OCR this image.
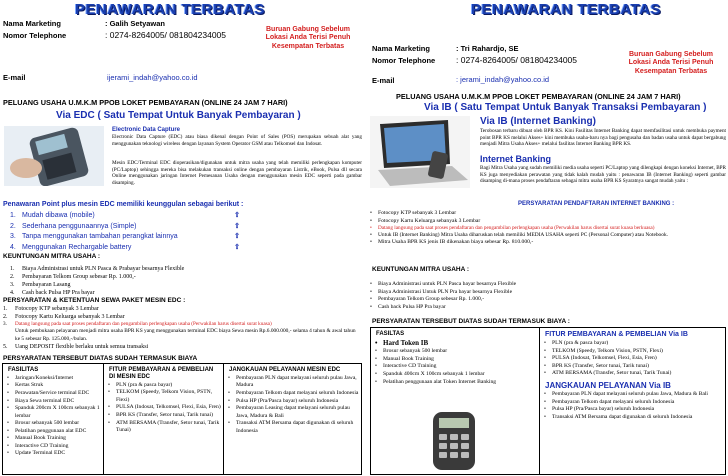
PENAWARAN TERBATAS
Nama Marketing	: Galih Setyawan
Nomor Telephone	: 0274-8264005/ 081804234005
E-mail	ijerami_indah@yahoo.co.id
Buruan Gabung Sebelum
Lokasi Anda Terisi Penuh
Kesempatan Terbatas
PELUANG USAHA U.M.K.M PPOB LOKET PEMBAYARAN (ONLINE 24 JAM 7 HARI)
Via EDC ( Satu Tempat Untuk Banyak Pembayaran )
Electronic Data Capture
Electronic Data Capture (EDC) atau biasa dikenal dengan Point of Sales (POS) merupakan sebuah alat yang menggunakan teknologi wireless dengan layanan System Operator GSM atau Telkomsel dan Indosat.
Mesin EDC/Terminal EDC dioperasikan/digunakan untuk mitra usaha yang telah memiliki perlengkapan komputer (PC/Laptop) sehingga mereka bisa melakukan transaksi online dengan pembayaran Listrik, eBook, Pulsa dll secara Online menggunakan jaringan Internet Pemesanan Usaha dengan menggunakan mesin EDC seperti pada gambar disamping.
Penawaran Point plus mesin EDC memiliki keunggulan sebagai berikut :
1. Mudah dibawa (mobile)	⇧
2. Sederhana penggunaannya (Simple)	⇧
3. Tanpa menggunakan tambahan perangkat lainnya	⇧
4. Menggunakan Rechargable battery	⇧
KEUNTUNGAN MITRA USAHA :
1. Biaya Administrasi untuk PLN Pasca & Prabayar besarnya Flexible
2. Pembayaran Telkom Group sebesar Rp. 1.000,-
3. Pembayaran Lasang
4. Cash back Pulsa HP Pra bayar
PERSYARATAN & KETENTUAN SEWA PAKET MESIN EDC :
1. Fotocopy KTP sebanyak 3 Lembar
2. Fotocopy Kartu Keluarga sebanyak 3 Lembar
3. Datang langsung pada saat proses pendaftaran dan pengambilan perlengkapan usaha (Perwakilan harus disertai surat kuasa)
Untuk pembukaan pelayanan menjadi mitra usaha BPR KS yang menggunakan terminal EDC biaya Sewa mesin Rp.6.000.000,- selama 4 tahun & awal tahun ke 5 sebesar Rp. 125.000,-/bulan.
5. Uang DEPOSIT flexible berlaku untuk semua transaksi
PERSYARATAN TERSEBUT DIATAS SUDAH TERMASUK BIAYA
FASILITAS
• Jaringan/Koneksi/Internet
• Kertas Struk
• Perawatan/Service terminal EDC
• Biaya Sewa terminal EDC
• Spanduk 200cm X 100cm sebanyak 1 lembar
• Brosur sebanyak 500 lembar
• Pelatihan penggunaan alat EDC
• Manual Book Training
• Interactive CD Training
• Update Terminal EDC
FITUR PEMBAYARAN & PEMBELIAN DI MESIN EDC
• PLN (pra & pasca bayar)
• TELKOM (Speedy, Telkom Vision, PSTN, Flexi)
• PULSA (Indosat, Telkomsel, Flexi, Esia, Fren)
• BPR KS (Transfer, Setor tunai, Tarik tunai)
• ATM BERSAMA (Transfer, Setor tunai, Tarik Tunai)
JANGKAUAN PELAYANAN MESIN EDC
• Pembayaran PLN dapat melayani seluruh pulau Jawa, Madura
• Pembayaran Telkom dapat melayani seluruh Indonesia
• Pulsa HP (Pra/Pasca bayar) seluruh Indonesia
• Pembayaran Leasing dapat melayani seluruh pulau Jawa, Madura & Bali
• Transaksi ATM Bersama dapat digunakan di seluruh Indonesia
PENAWARAN TERBATAS
Nama Marketing	: Tri Rahardjo, SE
Nomor Telephone : 0274-8264005/ 081804234005
E-mail	: jerami_indah@yahoo.co.id
Buruan Gabung Sebelum
Lokasi Anda Terisi Penuh
Kesempatan Terbatas
PELUANG USAHA U.M.K.M PPOB LOKET PEMBAYARAN (ONLINE 24 JAM 7 HARI)
Via IB ( Satu Tempat Untuk Banyak Transaksi Pembayaran )
Via IB (Internet Banking)
Terobosan terbaru dibuat oleh BPR KS. Kini Fasilitas Internet Banking dapat memfasilitasi untuk membuka payment point BPR KS melalui Akses+ kini membuka usaha-baru nya bagi pengusaha dan badan usaha untuk dapat bergabung menjadi Mitra Usaha Akses+ melalui fasilitas Internet Banking BPR KS.
Internet Banking
Bagi Mitra Usaha yang sudah memiliki media usaha seperti PC/Laptop yang dilengkapi dengan koneksi Internet, BPR KS juga menyediakan perawatan yang tidak kalah mudah yaitu : penawaran IB (Internet Banking) seperti gambar disamping di-mana proses pendaftaran sebagai mitra usaha BPR KS Syaratnya sangat mudah yaitu :
PERSYARATAN PENDAFTARAN INTERNET BANKING :
• Fotocopy KTP sebanyak 3 Lembar
• Fotocopy Kartu Keluarga sebanyak 3 Lembar
• Datang langsung pada saat proses pendaftaran dan pengambilan perlengkapan usaha (Perwakilan harus disertai surat kuasa berkuasa)
• Untuk IB (Internet Banking) Mitra Usaha diharuskan telah memiliki MEDIA USAHA seperti PC (Personal Computer) atau Notebook.
• Mitra Usaha BPR KS jenis IB dikenakan biaya sebesar Rp. 810.000,-
KEUNTUNGAN MITRA USAHA :
• Biaya Administrasi untuk PLN Pasca bayar besarnya Flexible
• Biaya Administrasi Untuk PLN Pra bayar besarnya Flexible
• Pembayaran Telkom Group sebesar Rp. 1.000,-
• Cash back Pulsa HP Pra bayar
PERSYARATAN TERSEBUT DIATAS SUDAH TERMASUK BIAYA :
FASILTAS
• Hard Token IB
• Brosur sebanyak 500 lembar
• Manual Book Training
• Interactive CD Training
• Spanduk 400cm X 100cm sebanyak 1 lembar
• Pelatihan penggunaan alat Token Internet Banking
FITUR PEMBAYARAN & PEMBELIAN Via IB
• PLN (pra & pasca bayar)
• TELKOM (Speedy, Telkom Vision, PSTN, Flexi)
• PULSA (Indosat, Telkomsel, Flexi, Esia, Fren)
• BPR KS (Transfer, Setor tunai, Tarik tunai)
• ATM BERSAMA (Transfer, Setor tunai, Tarik Tunai)
JANGKAUAN PELAYANAN Via IB
• Pembayaran PLN dapat melayani seluruh pulau Jawa, Madura & Bali
• Pembayaran Telkom dapat melayani seluruh Indonesia
• Pulsa HP (Pra/Pasca bayar) seluruh Indonesia
• Transaksi ATM Bersama dapat digunakan di seluruh Indonesia
